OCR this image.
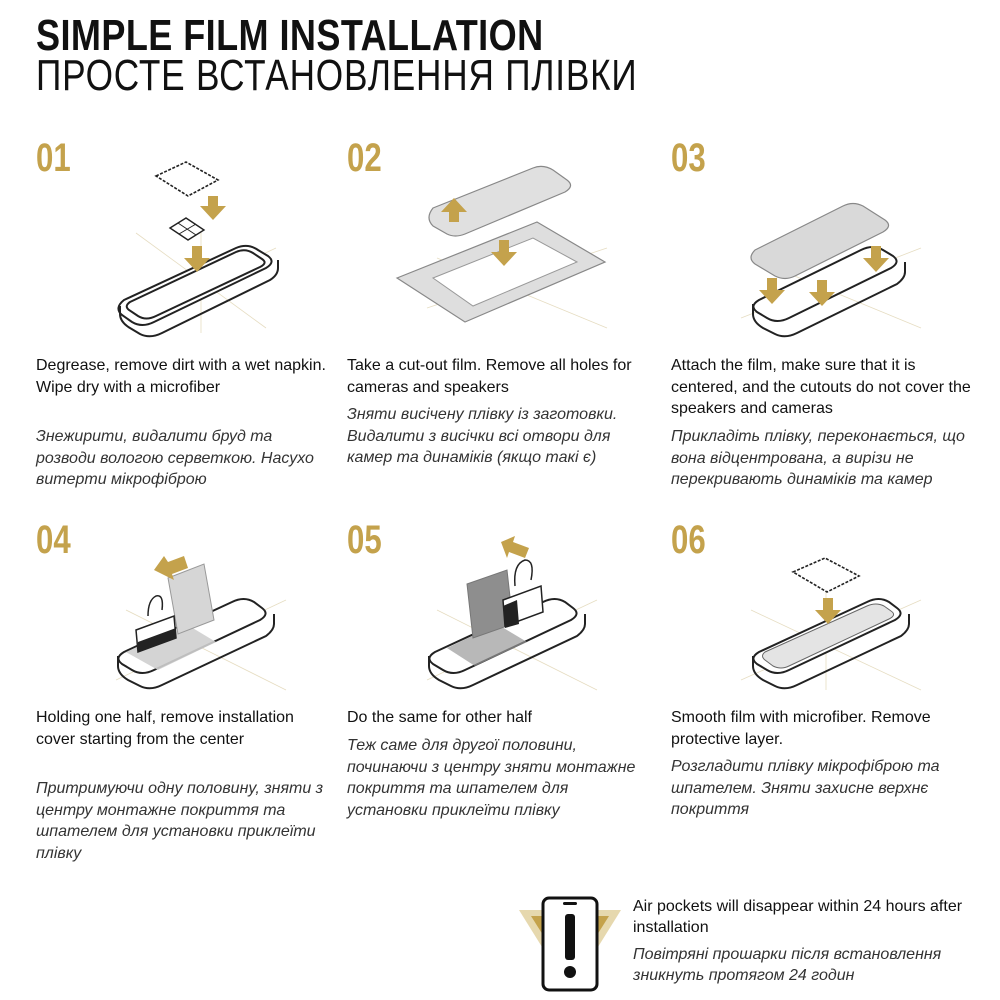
SIMPLE FILM INSTALLATION
ПРОСТЕ ВСТАНОВЛЕННЯ ПЛІВКИ
01
Degrease, remove dirt with a wet napkin. Wipe dry with a microfiber
Знежирити, видалити бруд та розводи вологою серветкою. Насухо витерти мікрофіброю
02
Take a cut-out film. Remove all holes for cameras and speakers
Зняти висічену плівку із заготовки. Видалити з висічки всі отвори для камер та динаміків (якщо такі є)
03
Attach the film, make sure that it is centered, and the cutouts do not cover the speakers and cameras
Прикладіть плівку, переконається, що вона відцентрована, а вирізи не перекривають динаміків та камер
04
Holding one half, remove installation cover starting from the center
Притримуючи одну половину, зняти з центру монтажне покриття та шпателем для установки приклеїти плівку
05
Do the same for other half
Теж саме для другої половини, починаючи з центру зняти монтажне покриття та шпателем для установки приклеїти плівку
06
Smooth film with microfiber. Remove protective layer.
Розгладити плівку мікрофіброю та шпателем. Зняти захисне верхнє покриття
Air pockets will disappear within 24 hours after installation
Повітряні прошарки після встановлення зникнуть протягом 24 годин
